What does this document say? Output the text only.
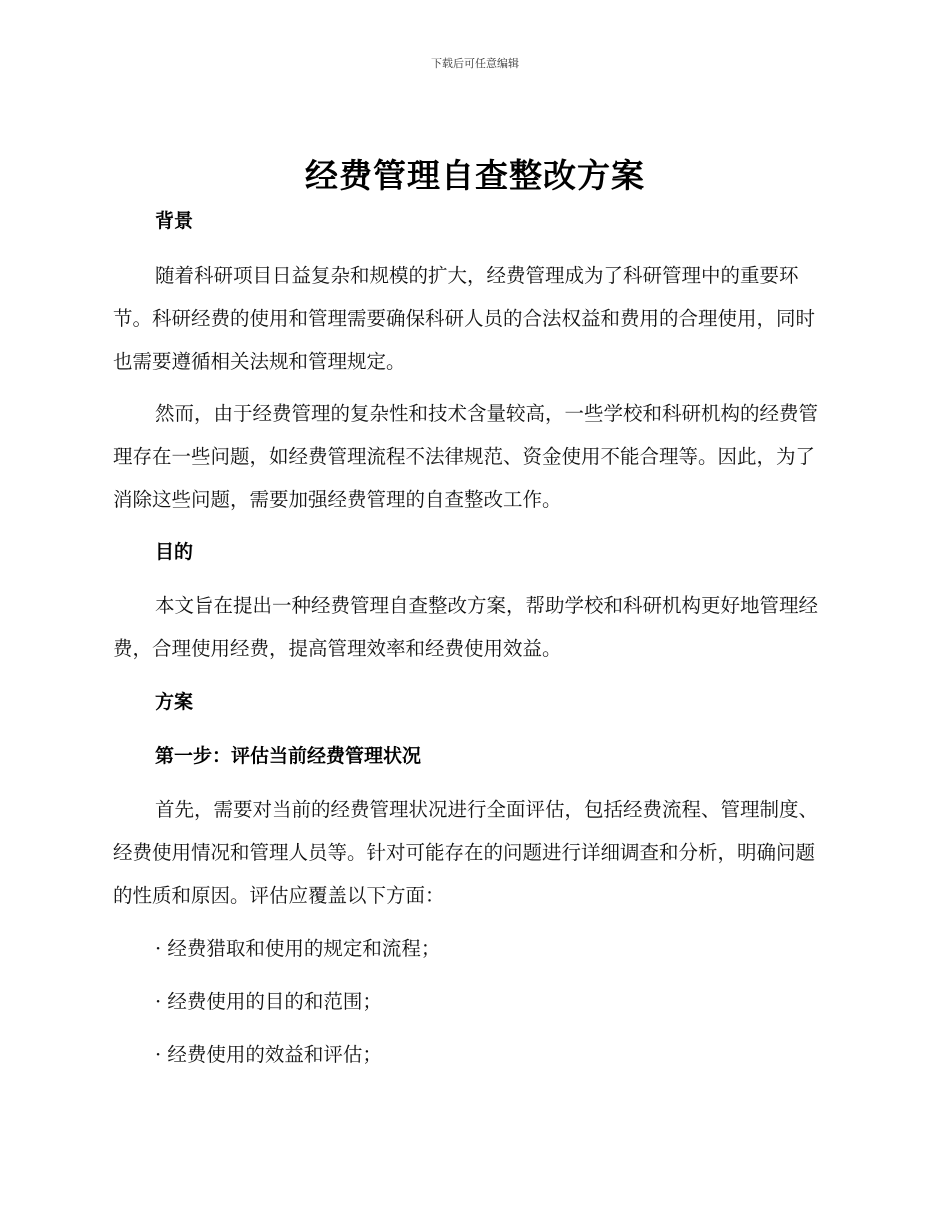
下载后可任意编辑
经费管理自查整改方案
背景

随着科研项目日益复杂和规模的扩大，经费管理成为了科研管理中的重要环节。科研经费的使用和管理需要确保科研人员的合法权益和费用的合理使用，同时也需要遵循相关法规和管理规定。

然而，由于经费管理的复杂性和技术含量较高，一些学校和科研机构的经费管理存在一些问题，如经费管理流程不法律规范、资金使用不能合理等。因此，为了消除这些问题，需要加强经费管理的自查整改工作。

目的

本文旨在提出一种经费管理自查整改方案，帮助学校和科研机构更好地管理经费，合理使用经费，提高管理效率和经费使用效益。

方案
第一步：评估当前经费管理状况

首先，需要对当前的经费管理状况进行全面评估，包括经费流程、管理制度、经费使用情况和管理人员等。针对可能存在的问题进行详细调查和分析，明确问题的性质和原因。评估应覆盖以下方面：

· 经费猎取和使用的规定和流程；

· 经费使用的目的和范围；

· 经费使用的效益和评估；
